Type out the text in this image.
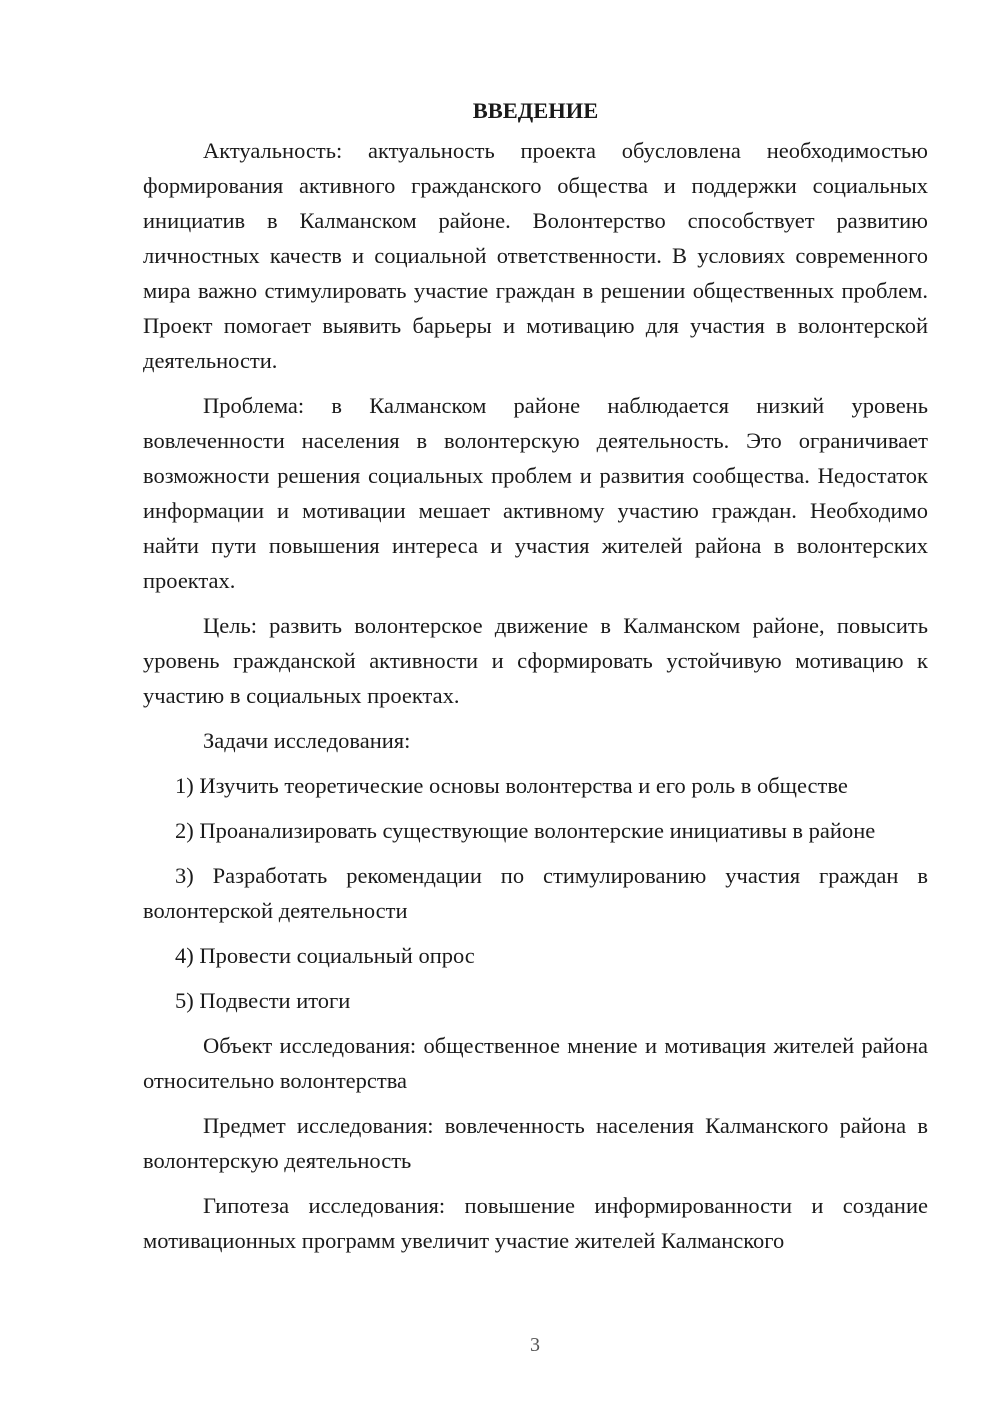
ВВЕДЕНИЕ

Актуальность: актуальность проекта обусловлена необходимостью формирования активного гражданского общества и поддержки социальных инициатив в Калманском районе. Волонтерство способствует развитию личностных качеств и социальной ответственности. В условиях современного мира важно стимулировать участие граждан в решении общественных проблем. Проект помогает выявить барьеры и мотивацию для участия в волонтерской деятельности.

Проблема: в Калманском районе наблюдается низкий уровень вовлеченности населения в волонтерскую деятельность. Это ограничивает возможности решения социальных проблем и развития сообщества. Недостаток информации и мотивации мешает активному участию граждан. Необходимо найти пути повышения интереса и участия жителей района в волонтерских проектах.

Цель: развить волонтерское движение в Калманском районе, повысить уровень гражданской активности и сформировать устойчивую мотивацию к участию в социальных проектах.

Задачи исследования:

1) Изучить теоретические основы волонтерства и его роль в обществе

2) Проанализировать существующие волонтерские инициативы в районе

3) Разработать рекомендации по стимулированию участия граждан в волонтерской деятельности

4) Провести социальный опрос

5) Подвести итоги

Объект исследования: общественное мнение и мотивация жителей района относительно волонтерства

Предмет исследования: вовлеченность населения Калманского района в волонтерскую деятельность

Гипотеза исследования: повышение информированности и создание мотивационных программ увеличит участие жителей Калманского

3
